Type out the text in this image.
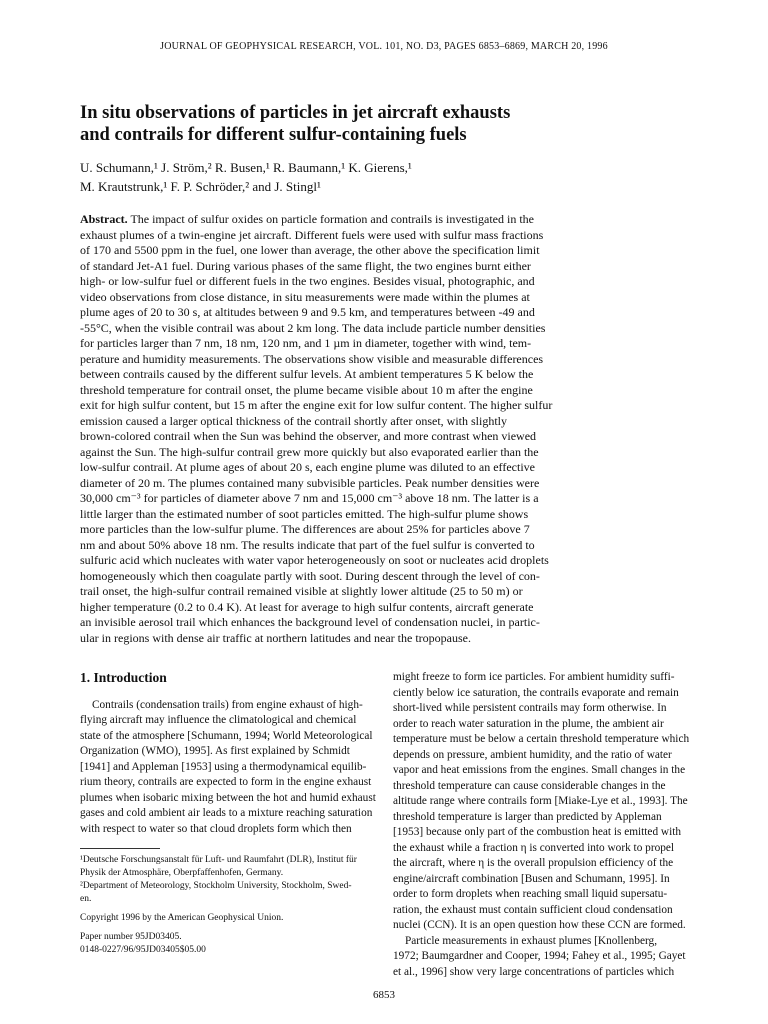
JOURNAL OF GEOPHYSICAL RESEARCH, VOL. 101, NO. D3, PAGES 6853–6869, MARCH 20, 1996
In situ observations of particles in jet aircraft exhausts
and contrails for different sulfur-containing fuels
U. Schumann,¹ J. Ström,² R. Busen,¹ R. Baumann,¹ K. Gierens,¹
M. Krautstrunk,¹ F. P. Schröder,² and J. Stingl¹
Abstract. The impact of sulfur oxides on particle formation and contrails is investigated in the
exhaust plumes of a twin-engine jet aircraft. Different fuels were used with sulfur mass fractions
of 170 and 5500 ppm in the fuel, one lower than average, the other above the specification limit
of standard Jet-A1 fuel. During various phases of the same flight, the two engines burnt either
high- or low-sulfur fuel or different fuels in the two engines. Besides visual, photographic, and
video observations from close distance, in situ measurements were made within the plumes at
plume ages of 20 to 30 s, at altitudes between 9 and 9.5 km, and temperatures between -49 and
-55°C, when the visible contrail was about 2 km long. The data include particle number densities
for particles larger than 7 nm, 18 nm, 120 nm, and 1 µm in diameter, together with wind, tem-
perature and humidity measurements. The observations show visible and measurable differences
between contrails caused by the different sulfur levels. At ambient temperatures 5 K below the
threshold temperature for contrail onset, the plume became visible about 10 m after the engine
exit for high sulfur content, but 15 m after the engine exit for low sulfur content. The higher sulfur
emission caused a larger optical thickness of the contrail shortly after onset, with slightly
brown-colored contrail when the Sun was behind the observer, and more contrast when viewed
against the Sun. The high-sulfur contrail grew more quickly but also evaporated earlier than the
low-sulfur contrail. At plume ages of about 20 s, each engine plume was diluted to an effective
diameter of 20 m. The plumes contained many subvisible particles. Peak number densities were
30,000 cm⁻³ for particles of diameter above 7 nm and 15,000 cm⁻³ above 18 nm. The latter is a
little larger than the estimated number of soot particles emitted. The high-sulfur plume shows
more particles than the low-sulfur plume. The differences are about 25% for particles above 7
nm and about 50% above 18 nm. The results indicate that part of the fuel sulfur is converted to
sulfuric acid which nucleates with water vapor heterogeneously on soot or nucleates acid droplets
homogeneously which then coagulate partly with soot. During descent through the level of con-
trail onset, the high-sulfur contrail remained visible at slightly lower altitude (25 to 50 m) or
higher temperature (0.2 to 0.4 K). At least for average to high sulfur contents, aircraft generate
an invisible aerosol trail which enhances the background level of condensation nuclei, in partic-
ular in regions with dense air traffic at northern latitudes and near the tropopause.
1. Introduction
Contrails (condensation trails) from engine exhaust of high-
flying aircraft may influence the climatological and chemical
state of the atmosphere [Schumann, 1994; World Meteorological
Organization (WMO), 1995]. As first explained by Schmidt
[1941] and Appleman [1953] using a thermodynamical equilib-
rium theory, contrails are expected to form in the engine exhaust
plumes when isobaric mixing between the hot and humid exhaust
gases and cold ambient air leads to a mixture reaching saturation
with respect to water so that cloud droplets form which then
might freeze to form ice particles. For ambient humidity suffi-
ciently below ice saturation, the contrails evaporate and remain
short-lived while persistent contrails may form otherwise. In
order to reach water saturation in the plume, the ambient air
temperature must be below a certain threshold temperature which
depends on pressure, ambient humidity, and the ratio of water
vapor and heat emissions from the engines. Small changes in the
threshold temperature can cause considerable changes in the
altitude range where contrails form [Miake-Lye et al., 1993]. The
threshold temperature is larger than predicted by Appleman
[1953] because only part of the combustion heat is emitted with
the exhaust while a fraction η is converted into work to propel
the aircraft, where η is the overall propulsion efficiency of the
engine/aircraft combination [Busen and Schumann, 1995]. In
order to form droplets when reaching small liquid supersatu-
ration, the exhaust must contain sufficient cloud condensation
nuclei (CCN). It is an open question how these CCN are formed.
Particle measurements in exhaust plumes [Knollenberg,
1972; Baumgardner and Cooper, 1994; Fahey et al., 1995; Gayet
et al., 1996] show very large concentrations of particles which
¹Deutsche Forschungsanstalt für Luft- und Raumfahrt (DLR), Institut für
Physik der Atmosphäre, Oberpfaffenhofen, Germany.
²Department of Meteorology, Stockholm University, Stockholm, Swed-
en.
Copyright 1996 by the American Geophysical Union.
Paper number 95JD03405.
0148-0227/96/95JD03405$05.00
6853
